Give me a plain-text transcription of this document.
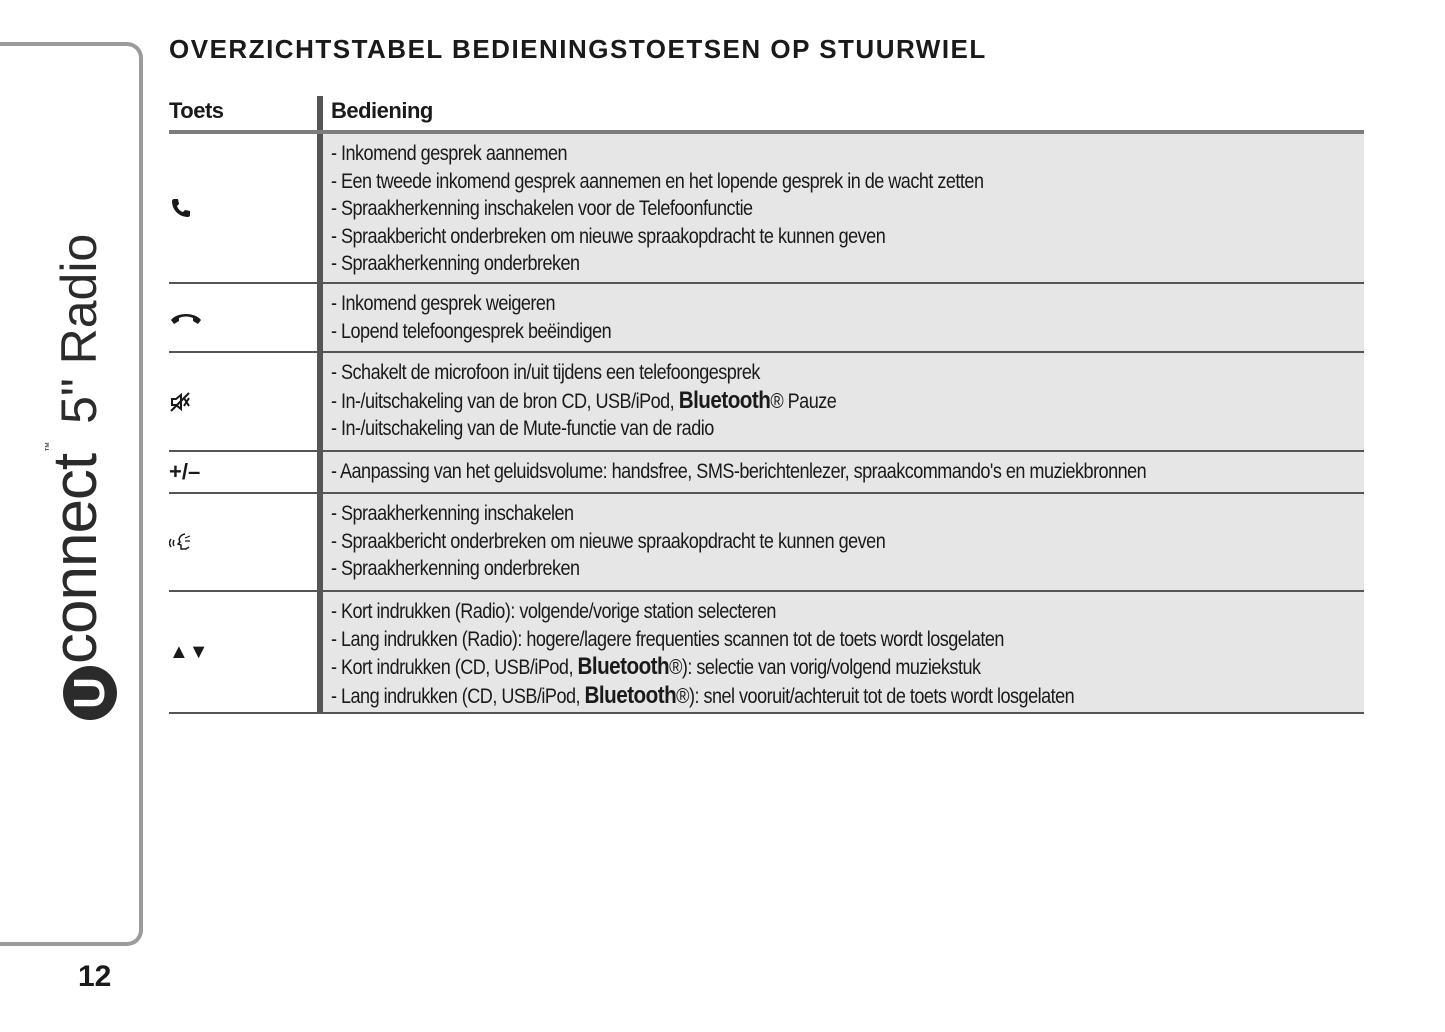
U
connect
™
5" Radio
12
OVERZICHTSTABEL BEDIENINGSTOETSEN OP STUURWIEL
Toets	Bediening
- Inkomend gesprek aannemen
- Een tweede inkomend gesprek aannemen en het lopende gesprek in de wacht zetten
- Spraakherkenning inschakelen voor de Telefoonfunctie
- Spraakbericht onderbreken om nieuwe spraakopdracht te kunnen geven
- Spraakherkenning onderbreken
- Inkomend gesprek weigeren
- Lopend telefoongesprek beëindigen
- Schakelt de microfoon in/uit tijdens een telefoongesprek
- In-/uitschakeling van de bron CD, USB/iPod, Bluetooth® Pauze
- In-/uitschakeling van de Mute-functie van de radio
+/–	- Aanpassing van het geluidsvolume: handsfree, SMS-berichtenlezer, spraakcommando's en muziekbronnen
- Spraakherkenning inschakelen
- Spraakbericht onderbreken om nieuwe spraakopdracht te kunnen geven
- Spraakherkenning onderbreken
▲▼
- Kort indrukken (Radio): volgende/vorige station selecteren
- Lang indrukken (Radio): hogere/lagere frequenties scannen tot de toets wordt losgelaten
- Kort indrukken (CD, USB/iPod, Bluetooth®): selectie van vorig/volgend muziekstuk
- Lang indrukken (CD, USB/iPod, Bluetooth®): snel vooruit/achteruit tot de toets wordt losgelaten
